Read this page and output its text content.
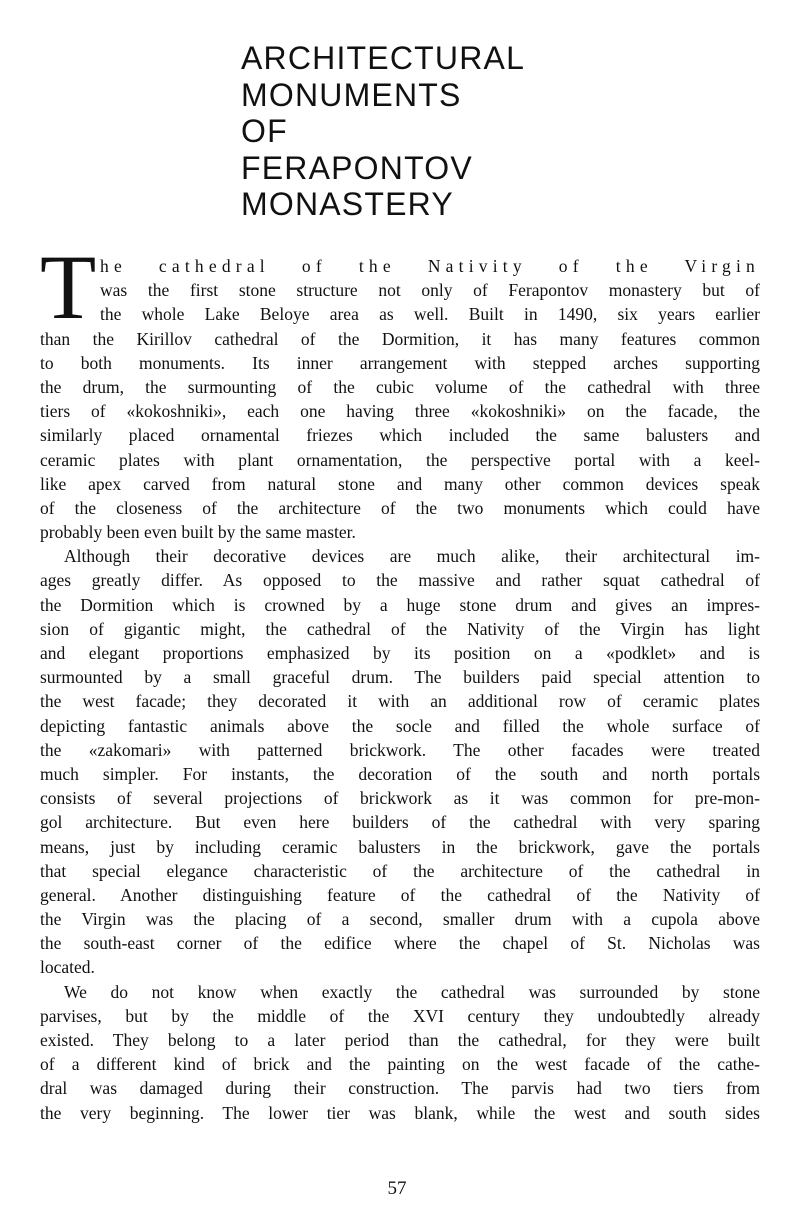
ARCHITECTURAL
MONUMENTS
OF
FERAPONTOV
MONASTERY
T he cathedral of the Nativity of the Virgin
was the first stone structure not only of Ferapontov monastery but of
the whole Lake Beloye area as well. Built in 1490, six years earlier
than the Kirillov cathedral of the Dormition, it has many features common
to both monuments. Its inner arrangement with stepped arches supporting
the drum, the surmounting of the cubic volume of the cathedral with three
tiers of «kokoshniki», each one having three «kokoshniki» on the facade, the
similarly placed ornamental friezes which included the same balusters and
ceramic plates with plant ornamentation, the perspective portal with a keel-
like apex carved from natural stone and many other common devices speak
of the closeness of the architecture of the two monuments which could have
probably been even built by the same master.
Although their decorative devices are much alike, their architectural im-
ages greatly differ. As opposed to the massive and rather squat cathedral of
the Dormition which is crowned by a huge stone drum and gives an impres-
sion of gigantic might, the cathedral of the Nativity of the Virgin has light
and elegant proportions emphasized by its position on a «podklet» and is
surmounted by a small graceful drum. The builders paid special attention to
the west facade; they decorated it with an additional row of ceramic plates
depicting fantastic animals above the socle and filled the whole surface of
the «zakomari» with patterned brickwork. The other facades were treated
much simpler. For instants, the decoration of the south and north portals
consists of several projections of brickwork as it was common for pre-mon-
gol architecture. But even here builders of the cathedral with very sparing
means, just by including ceramic balusters in the brickwork, gave the portals
that special elegance characteristic of the architecture of the cathedral in
general. Another distinguishing feature of the cathedral of the Nativity of
the Virgin was the placing of a second, smaller drum with a cupola above
the south-east corner of the edifice where the chapel of St. Nicholas was
located.
We do not know when exactly the cathedral was surrounded by stone
parvises, but by the middle of the XVI century they undoubtedly already
existed. They belong to a later period than the cathedral, for they were built
of a different kind of brick and the painting on the west facade of the cathe-
dral was damaged during their construction. The parvis had two tiers from
the very beginning. The lower tier was blank, while the west and south sides
57
